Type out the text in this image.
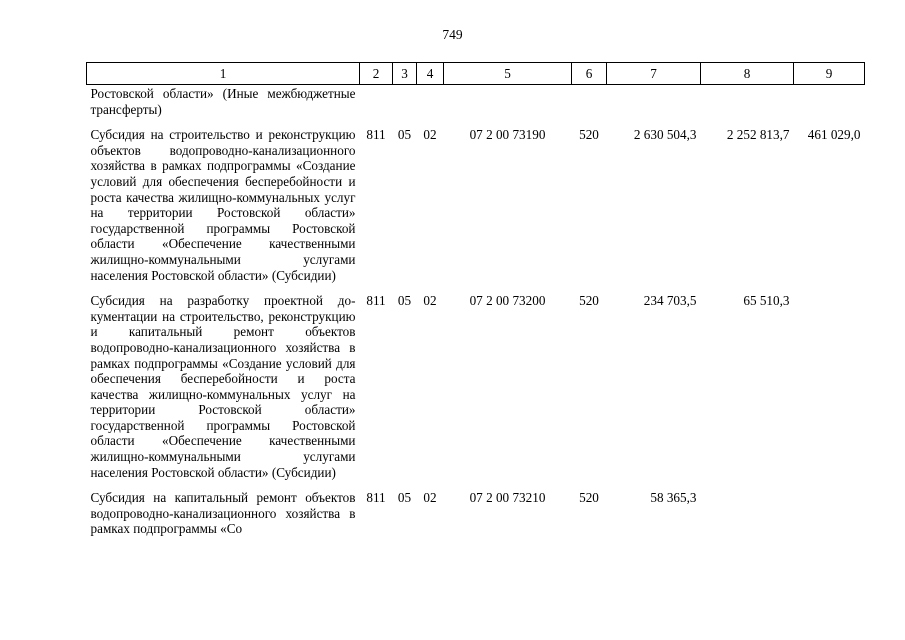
749
1	2	3	4	5	6	7	8	9
Ростовской области» (Иные межбюджетные трансферты)								
Субсидия на строительство и реконструкцию объектов водопроводно-канализационного хозяйства в рамках подпрограммы «Создание условий для обеспечения бесперебойности и роста качества жилищно-коммунальных услуг на территории Ростовской области» государственной программы Ростовской области «Обеспечение качественными жилищно-коммунальными услугами населения Ростовской области» (Субсидии)	811	05	02	07 2 00 73190	520	2 630 504,3	2 252 813,7	461 029,0
Субсидия на разработку проектной документации на строительство, реконструкцию и капитальный ремонт объектов водопроводно-канализационного хозяйства в рамках подпрограммы «Создание условий для обеспечения бесперебойности и роста качества жилищно-коммунальных услуг на территории Ростовской области» государственной программы Ростовской области «Обеспечение качественными жилищно-коммунальными услугами населения Ростовской области» (Субсидии)	811	05	02	07 2 00 73200	520	234 703,5	65 510,3	
Субсидия на капитальный ремонт объектов водопроводно-канализационного хозяйства в рамках подпрограммы «Со	811	05	02	07 2 00 73210	520	58 365,3		
